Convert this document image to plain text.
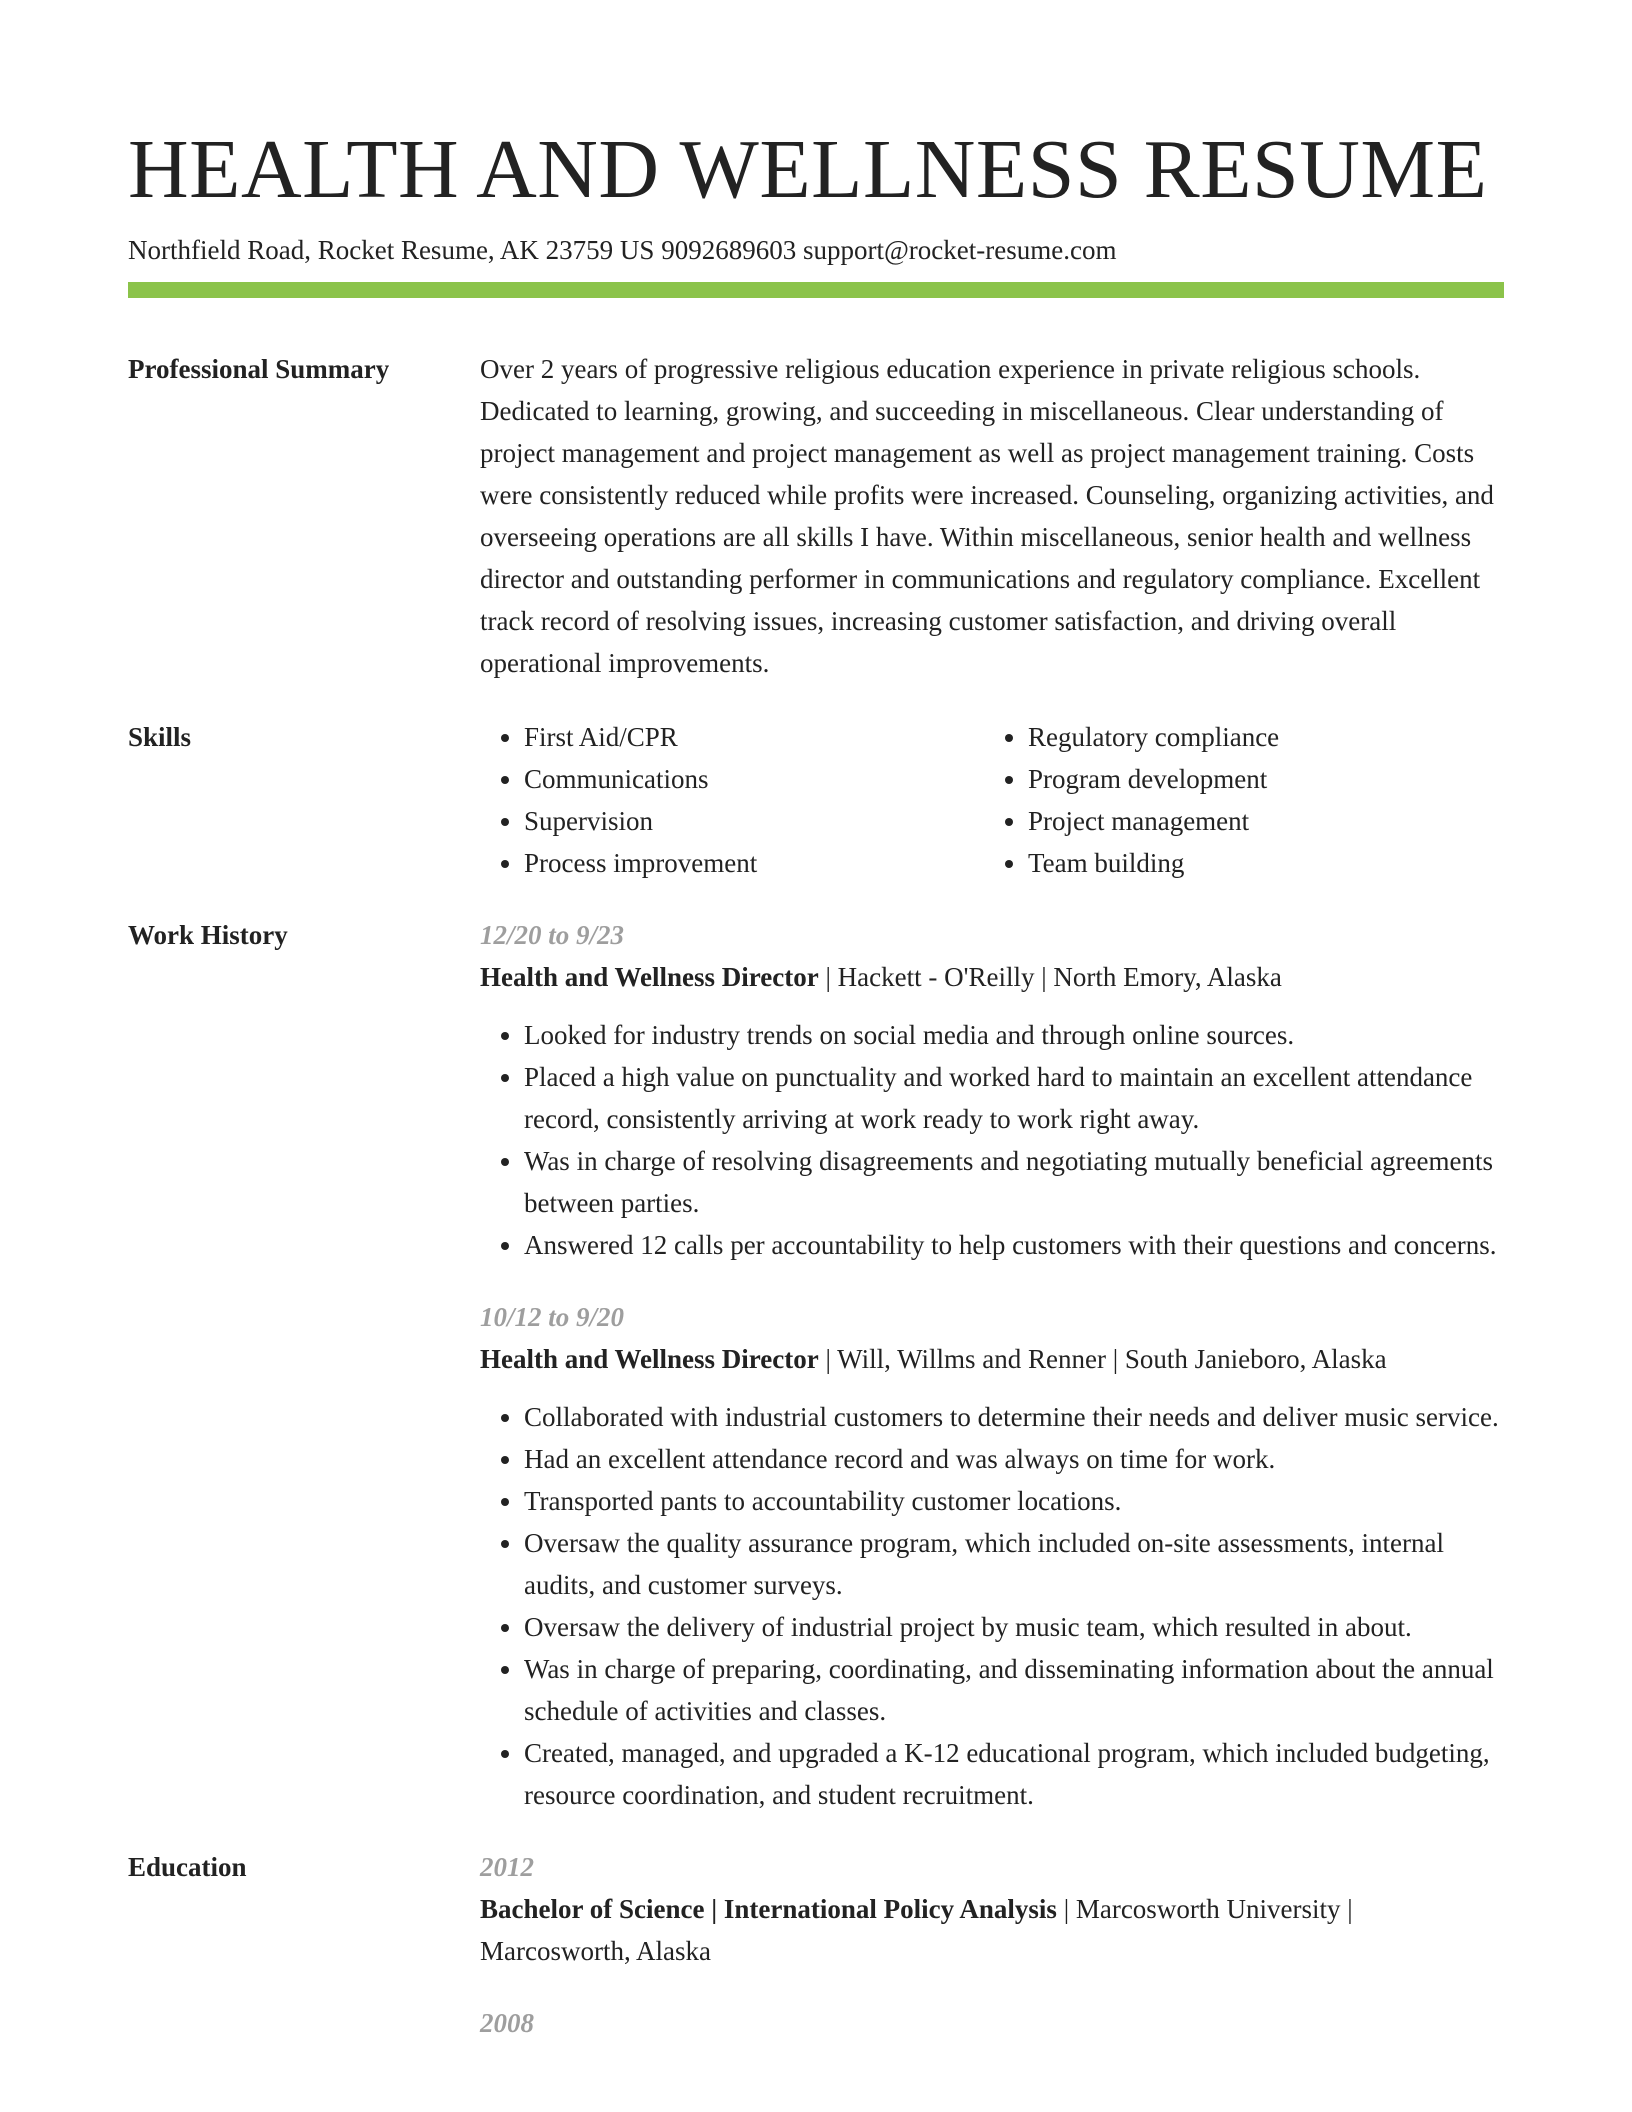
HEALTH AND WELLNESS RESUME
Northfield Road, Rocket Resume, AK 23759 US 9092689603 support@rocket-resume.com
Professional Summary	Over 2 years of progressive religious education experience in private religious schools. Dedicated to learning, growing, and succeeding in miscellaneous. Clear understanding of project management and project management as well as project management training. Costs were consistently reduced while profits were increased. Counseling, organizing activities, and overseeing operations are all skills I have. Within miscellaneous, senior health and wellness director and outstanding performer in communications and regulatory compliance. Excellent track record of resolving issues, increasing customer satisfaction, and driving overall operational improvements.

Skills
•	First Aid/CPR
• Communications
• Supervision
• Process improvement
• Regulatory compliance
• Program development
• Project management
• Team building
Work History	12/20 to 9/23
Health and Wellness Director | Hackett - O'Reilly | North Emory, Alaska
• Looked for industry trends on social media and through online sources.
• Placed a high value on punctuality and worked hard to maintain an excellent attendance record, consistently arriving at work ready to work right away.
• Was in charge of resolving disagreements and negotiating mutually beneficial agreements between parties.
• Answered 12 calls per accountability to help customers with their questions and concerns.
10/12 to 9/20
Health and Wellness Director | Will, Willms and Renner | South Janieboro, Alaska
• Collaborated with industrial customers to determine their needs and deliver music service.
• Had an excellent attendance record and was always on time for work.
• Transported pants to accountability customer locations.
• Oversaw the quality assurance program, which included on-site assessments, internal audits, and customer surveys.
• Oversaw the delivery of industrial project by music team, which resulted in about.
• Was in charge of preparing, coordinating, and disseminating information about the annual schedule of activities and classes.
• Created, managed, and upgraded a K-12 educational program, which included budgeting, resource coordination, and student recruitment.
Education	2012
Bachelor of Science | International Policy Analysis | Marcosworth University | Marcosworth, Alaska
2008
